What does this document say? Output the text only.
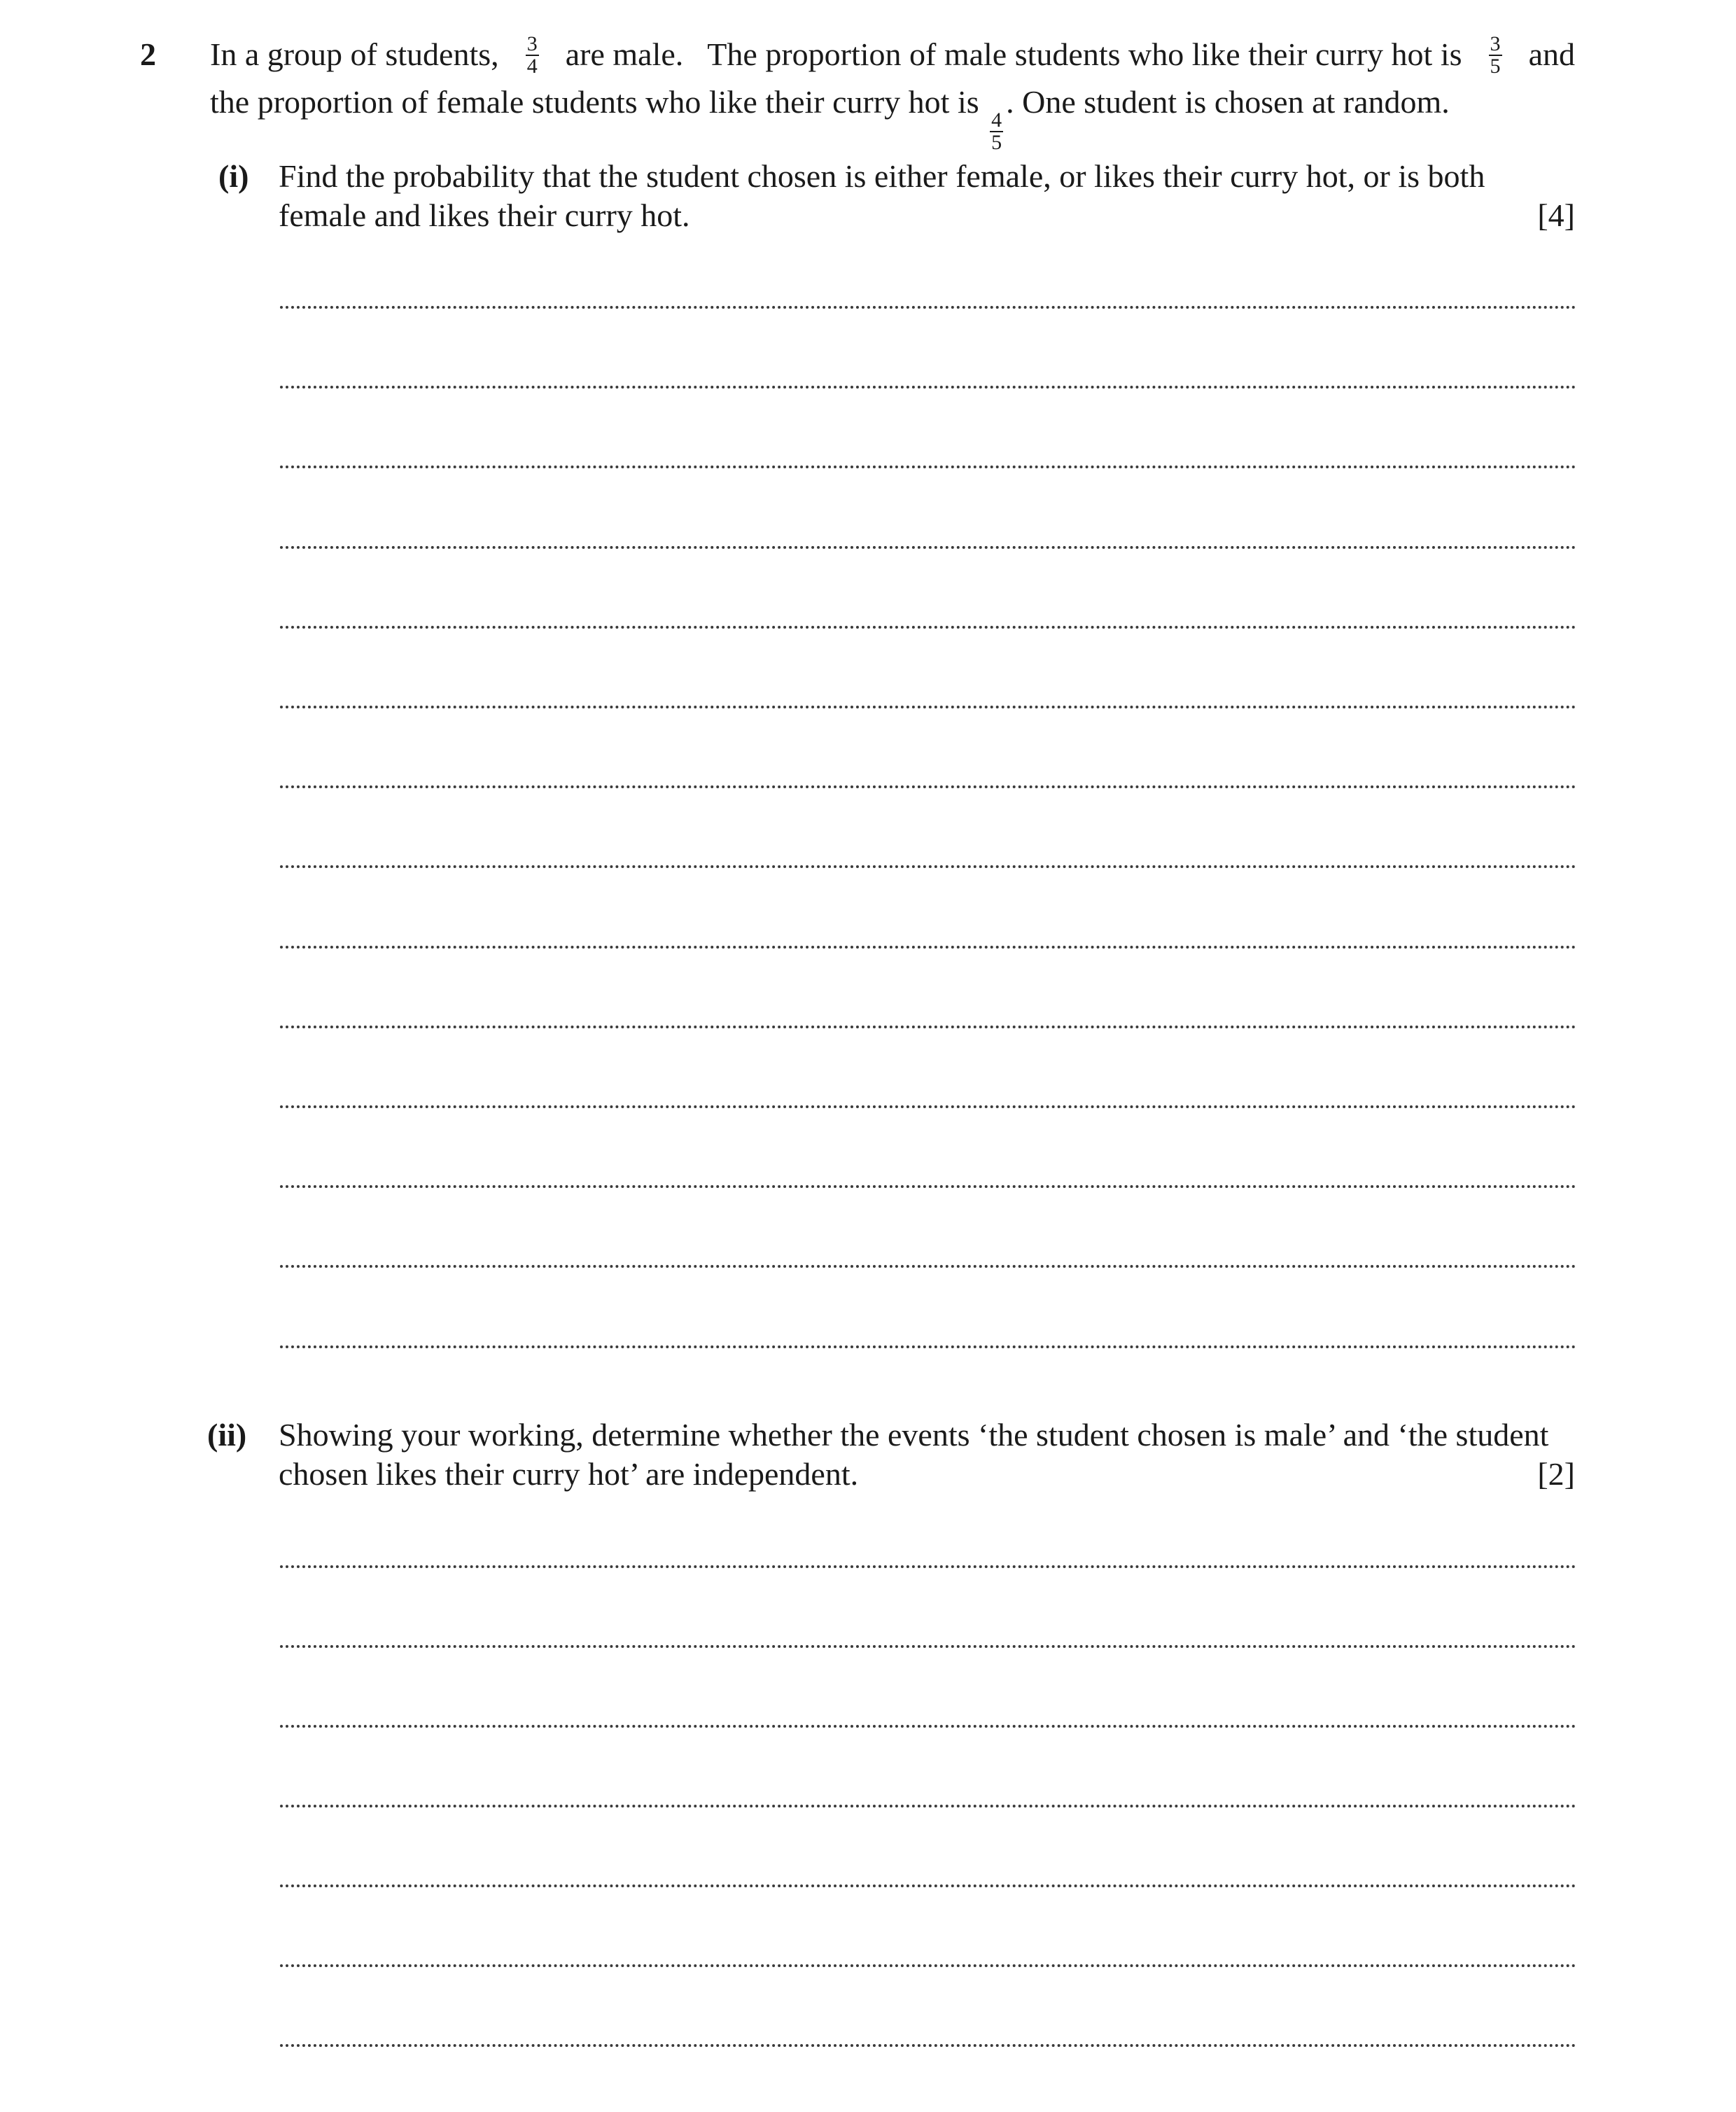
2 In a group of students, $\frac{3}{4}$ are male. The proportion of male students who like their curry hot is $\frac{3}{5}$ and
the proportion of female students who like their curry hot is
$\frac{4}{5}$
. One student is chosen at random.
(i) Find the probability that the student chosen is either female, or likes their curry hot, or is both
female and likes their curry hot.	[4]
(ii) Showing your working, determine whether the events ‘the student chosen is male’ and ‘the student
chosen likes their curry hot’ are independent.	[2]
